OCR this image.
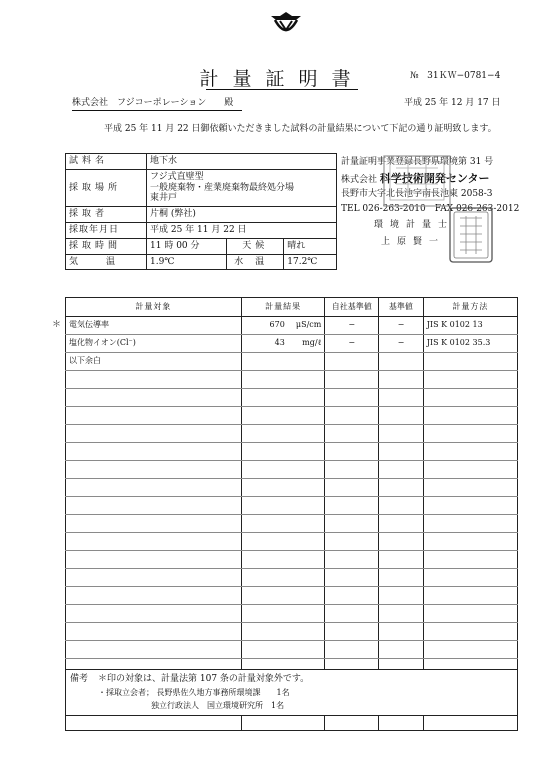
計量証明書	№ 31ＫＷ−0781−4
株式会社　フジコーポレーション　　殿	平成 25 年 12 月 17 日
平成 25 年 11 月 22 日御依頼いただきました試料の計量結果について下記の通り証明致します。
試料名	地下水		
採取場所	フジ式直壁型
一般廃棄物・産業廃棄物最終処分場
東井戸		

採取者	片桐 (弊社)		
採取年月日	平成 25 年 11 月 22 日		
採取時間	11 時 00 分	天候	晴れ
気温	1.9℃	水温	17.2℃
計量証明事業登録長野県環境第 31 号
株式会社 科学技術開発センター
長野市大字北長池字南長池東 2058-3
TEL 026-263-2010　FAX 026-263-2012
環境計量士
上原賢一
計量対象	計量結果	自社基準値	基準値	計量方法
電気伝導率	670 μS/cm	−	−	JIS K 0102 13
塩化物イオン(Cl⁻)	43 mg/ℓ	−	−	JIS K 0102 35.3
以下余白				

＊
備考 ＊印の対象は、計量法第 107 条の計量対象外です。
・採取立会者； 長野県佐久地方事務所環境課　　1名
独立行政法人　国立環境研究所　1名
